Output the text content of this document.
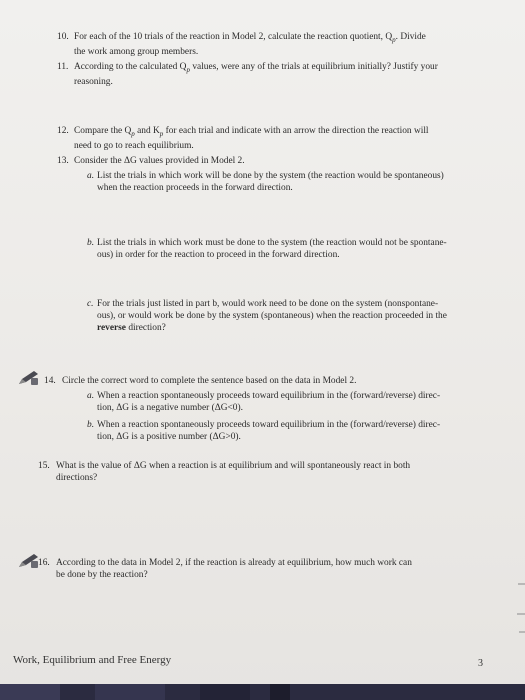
10. For each of the 10 trials of the reaction in Model 2, calculate the reaction quotient, $Q_p$. Divide
the work among group members.
11. According to the calculated $Q_p$ values, were any of the trials at equilibrium initially? Justify your
reasoning.
12. Compare the $Q_p$ and $K_p$ for each trial and indicate with an arrow the direction the reaction will
need to go to reach equilibrium.
13. Consider the ΔG values provided in Model 2.
a. List the trials in which work will be done by the system (the reaction would be spontaneous)
when the reaction proceeds in the forward direction.
b. List the trials in which work must be done to the system (the reaction would not be spontane-
ous) in order for the reaction to proceed in the forward direction.
c. For the trials just listed in part b, would work need to be done on the system (nonspontane-
ous), or would work be done by the system (spontaneous) when the reaction proceeded in the
reverse direction?
14. Circle the correct word to complete the sentence based on the data in Model 2.
a. When a reaction spontaneously proceeds toward equilibrium in the (forward/reverse) direc-
tion, ΔG is a negative number (ΔG<0).
b. When a reaction spontaneously proceeds toward equilibrium in the (forward/reverse) direc-
tion, ΔG is a positive number (ΔG>0).
15. What is the value of ΔG when a reaction is at equilibrium and will spontaneously react in both
directions?
16. According to the data in Model 2, if the reaction is already at equilibrium, how much work can
be done by the reaction?
Work, Equilibrium and Free Energy	3
